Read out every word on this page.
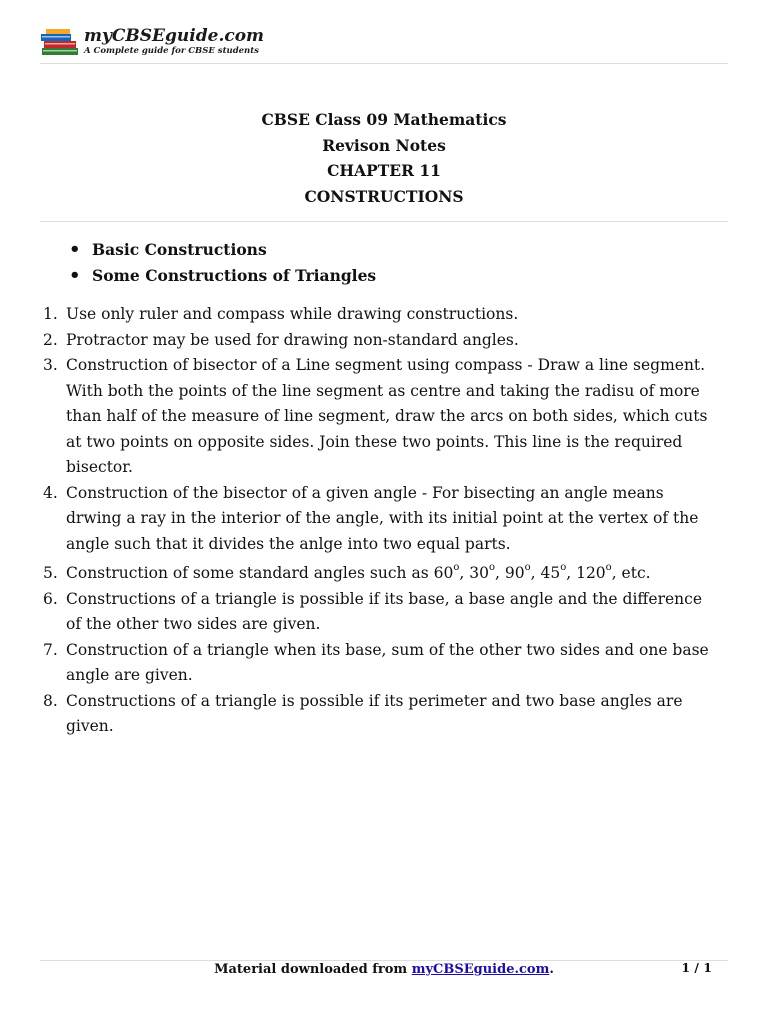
myCBSEguide.com
A Complete guide for CBSE students
CBSE Class 09 Mathematics
Revison Notes
CHAPTER 11
CONSTRUCTIONS
• Basic Constructions
• Some Constructions of Triangles
1. Use only ruler and compass while drawing constructions.
2. Protractor may be used for drawing non-standard angles.
3. Construction of bisector of a Line segment using compass - Draw a line segment. With both the points of the line segment as centre and taking the radisu of more than half of the measure of line segment, draw the arcs on both sides, which cuts at two points on opposite sides. Join these two points. This line is the required bisector.
4. Construction of the bisector of a given angle - For bisecting an angle means drwing a ray in the interior of the angle, with its initial point at the vertex of the angle such that it divides the anlge into two equal parts.
5. Construction of some standard angles such as 60$^o$, 30$^o$, 90$^o$, 45$^o$, 120$^o$, etc.
6. Constructions of a triangle is possible if its base, a base angle and the difference of the other two sides are given.
7. Construction of a triangle when its base, sum of the other two sides and one base angle are given.
8. Constructions of a triangle is possible if its perimeter and two base angles are given.
Material downloaded from myCBSEguide.com.	1 / 1
